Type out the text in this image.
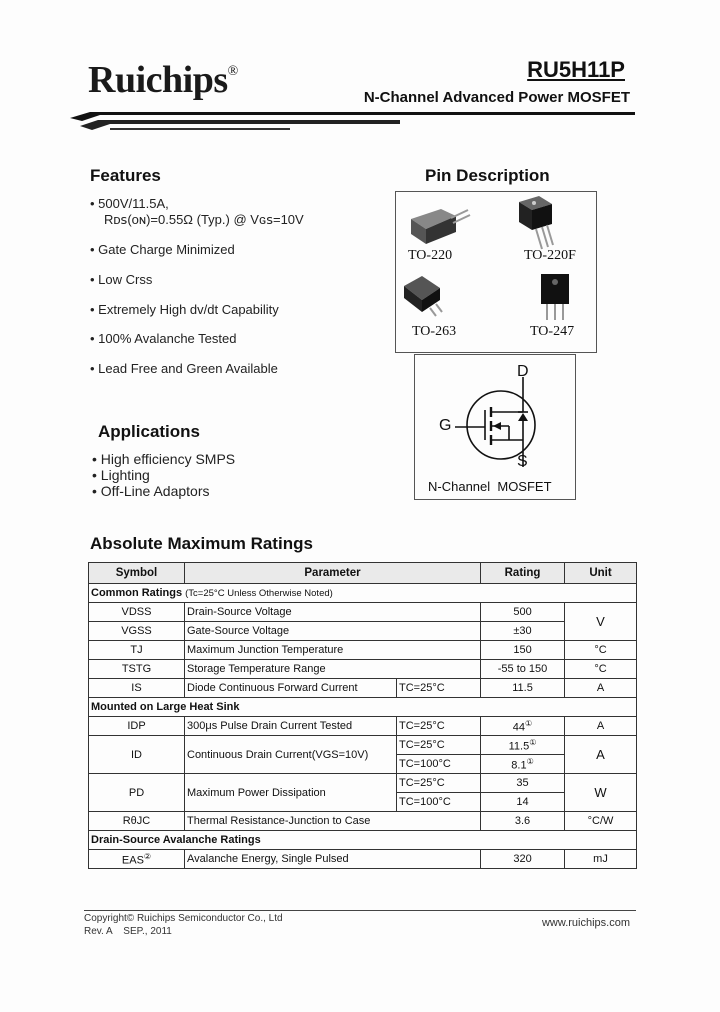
Ruichips®	RU5H11P
N-Channel Advanced Power MOSFET
Features
• 500V/11.5A,
Rᴅꜱ(ᴏɴ)=0.55Ω (Typ.) @ Vɢꜱ=10V
• Gate Charge Minimized
• Low Crss
• Extremely High dv/dt Capability
• 100% Avalanche Tested
• Lead Free and Green Available
Pin Description
TO-220	TO-220F
TO-263	TO-247
D
G
S
N-Channel  MOSFET
Applications
• High efficiency SMPS
• Lighting
• Off-Line Adaptors
Absolute Maximum Ratings
Symbol	Parameter		Rating	Unit
Common Ratings (Tc=25°C Unless Otherwise Noted)				
VDSS	Drain-Source Voltage		500	V
VGSS	Gate-Source Voltage		±30	
TJ	Maximum Junction Temperature		150	°C
TSTG	Storage Temperature Range		-55 to 150	°C
IS	Diode Continuous Forward Current	TC=25°C	11.5	A
Mounted on Large Heat Sink				
IDP	300μs Pulse Drain Current Tested	TC=25°C	44①	A
ID	Continuous Drain Current(VGS=10V)	TC=25°C	11.5①	A
		TC=100°C	8.1①
PD	Maximum Power Dissipation	TC=25°C	35	W
		TC=100°C	14	
RθJC	Thermal Resistance-Junction to Case		3.6	°C/W
Drain-Source Avalanche Ratings				
EAS②	Avalanche Energy, Single Pulsed		320	mJ
Copyright© Ruichips Semiconductor Co., Ltd
Rev. A    SEP., 2011
www.ruichips.com
